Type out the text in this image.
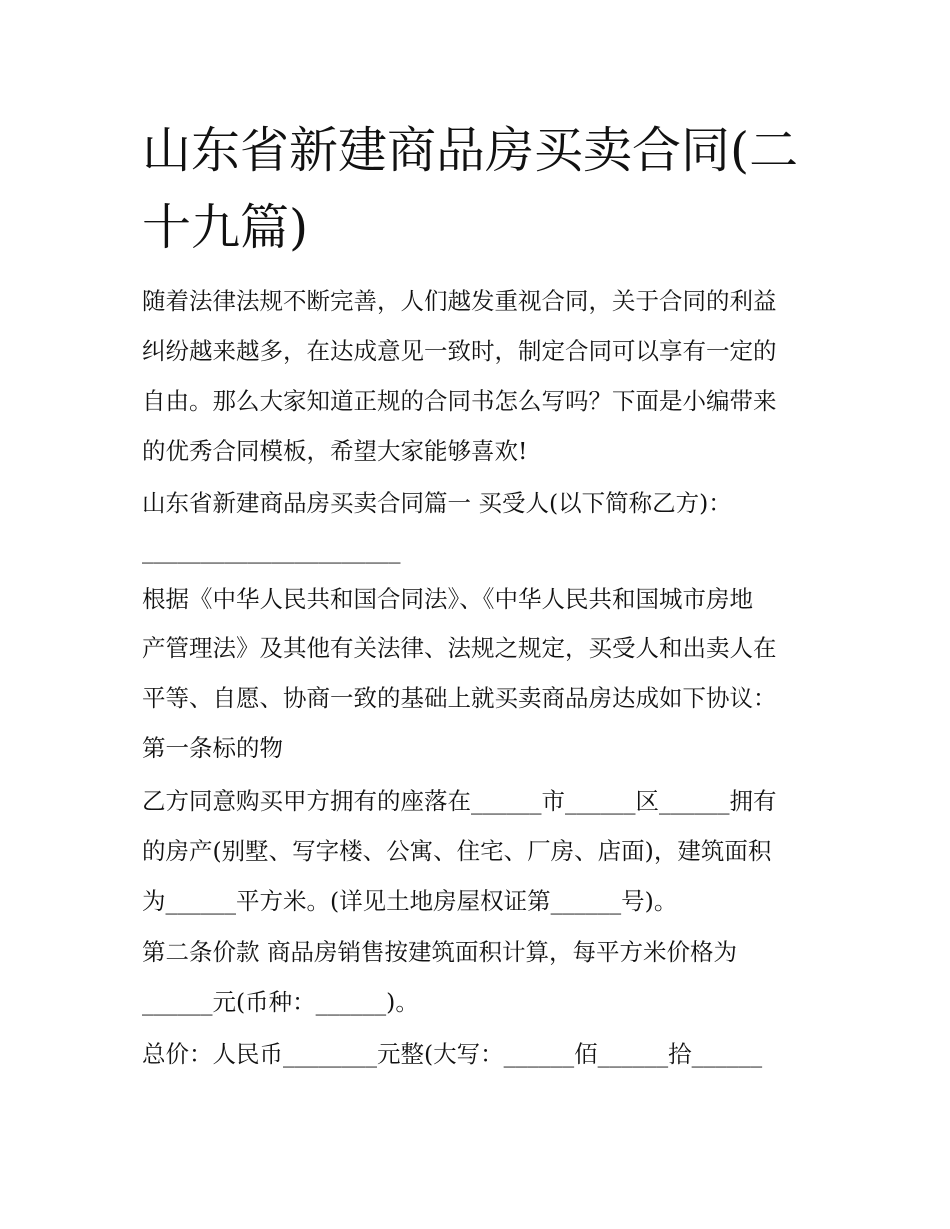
山东省新建商品房买卖合同(二十九篇)

随着法律法规不断完善，人们越发重视合同，关于合同的利益

纠纷越来越多，在达成意见一致时，制定合同可以享有一定的

自由。那么大家知道正规的合同书怎么写吗？下面是小编带来

的优秀合同模板，希望大家能够喜欢!

山东省新建商品房买卖合同篇一 买受人(以下简称乙方)：

______________________

根据《中华人民共和国合同法》、《中华人民共和国城市房地

产管理法》及其他有关法律、法规之规定，买受人和出卖人在

平等、自愿、协商一致的基础上就买卖商品房达成如下协议：

第一条标的物

乙方同意购买甲方拥有的座落在______市______区______拥有

的房产(别墅、写字楼、公寓、住宅、厂房、店面)，建筑面积

为______平方米。(详见土地房屋权证第______号)。

第二条价款 商品房销售按建筑面积计算，每平方米价格为

______元(币种：______)。

总价：人民币________元整(大写：______佰______拾______
